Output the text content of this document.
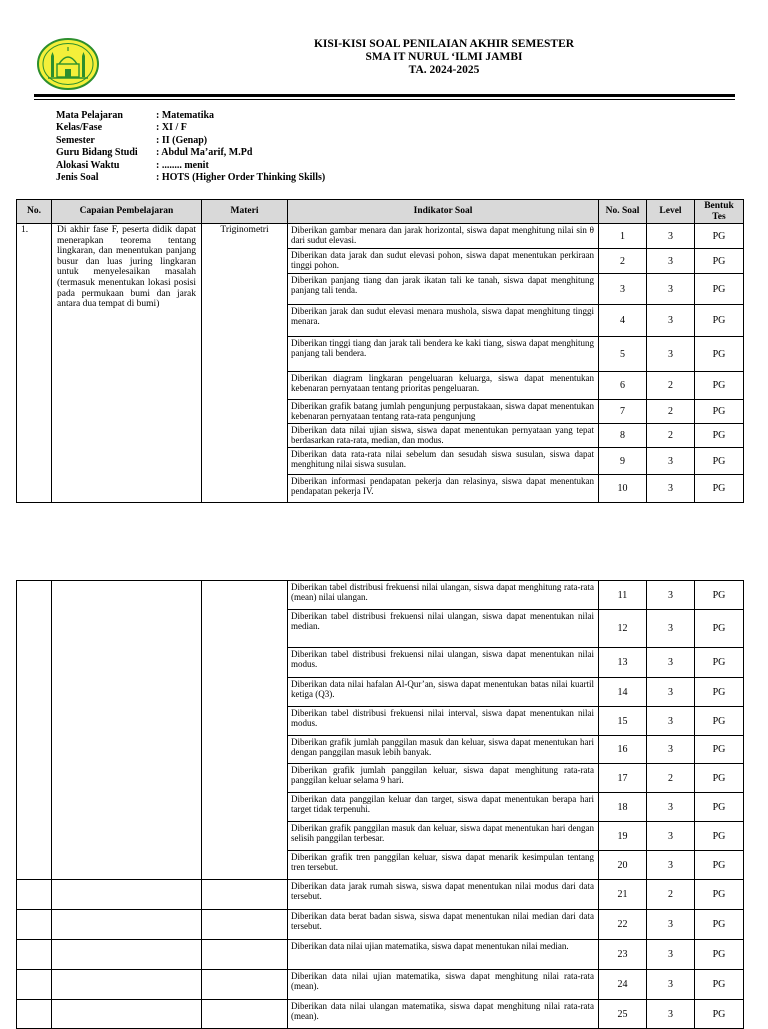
KISI-KISI SOAL PENILAIAN AKHIR SEMESTER
SMA IT NURUL ‘ILMI JAMBI
TA. 2024-2025
Mata Pelajaran	: Matematika
Kelas/Fase	: XI / F
Semester	: II (Genap)
Guru Bidang Studi	: Abdul Ma’arif, M.Pd
Alokasi Waktu	: ........ menit
Jenis Soal	: HOTS (Higher Order Thinking Skills)
No.	Capaian Pembelajaran	Materi	Indikator Soal	No. Soal	Level	Bentuk Tes
1.	Di akhir fase F, peserta didik dapat menerapkan teorema tentang lingkaran, dan menentukan panjang busur dan luas juring lingkaran untuk menyelesaikan masalah (termasuk menentukan lokasi posisi pada permukaan bumi dan jarak antara dua tempat di bumi)	Triginometri	Diberikan gambar menara dan jarak horizontal, siswa dapat menghitung nilai sin θ dari sudut elevasi.	1	3	PG
			Diberikan data jarak dan sudut elevasi pohon, siswa dapat menentukan perkiraan tinggi pohon.	2	3	PG
			Diberikan panjang tiang dan jarak ikatan tali ke tanah, siswa dapat menghitung panjang tali tenda.	3	3	PG
			Diberikan jarak dan sudut elevasi menara mushola, siswa dapat menghitung tinggi menara.	4	3	PG
			Diberikan tinggi tiang dan jarak tali bendera ke kaki tiang, siswa dapat menghitung panjang tali bendera.	5	3	PG
			Diberikan diagram lingkaran pengeluaran keluarga, siswa dapat menentukan kebenaran pernyataan tentang prioritas pengeluaran.	6	2	PG
			Diberikan grafik batang jumlah pengunjung perpustakaan, siswa dapat menentukan kebenaran pernyataan tentang rata-rata pengunjung	7	2	PG
			Diberikan data nilai ujian siswa, siswa dapat menentukan pernyataan yang tepat berdasarkan rata-rata, median, dan modus.	8	2	PG
			Diberikan data rata-rata nilai sebelum dan sesudah siswa susulan, siswa dapat menghitung nilai siswa susulan.	9	3	PG
			Diberikan informasi pendapatan pekerja dan relasinya, siswa dapat menentukan pendapatan pekerja IV.	10	3	PG
			Diberikan tabel distribusi frekuensi nilai ulangan, siswa dapat menghitung rata-rata (mean) nilai ulangan.	11	3	PG
			Diberikan tabel distribusi frekuensi nilai ulangan, siswa dapat menentukan nilai median.	12	3	PG
			Diberikan tabel distribusi frekuensi nilai ulangan, siswa dapat menentukan nilai modus.	13	3	PG
			Diberikan data nilai hafalan Al-Qur’an, siswa dapat menentukan batas nilai kuartil ketiga (Q3).	14	3	PG
			Diberikan tabel distribusi frekuensi nilai interval, siswa dapat menentukan nilai modus.	15	3	PG
			Diberikan grafik jumlah panggilan masuk dan keluar, siswa dapat menentukan hari dengan panggilan masuk lebih banyak.	16	3	PG
			Diberikan grafik jumlah panggilan keluar, siswa dapat menghitung rata-rata panggilan keluar selama 9 hari.	17	2	PG
			Diberikan data panggilan keluar dan target, siswa dapat menentukan berapa hari target tidak terpenuhi.	18	3	PG
			Diberikan grafik panggilan masuk dan keluar, siswa dapat menentukan hari dengan selisih panggilan terbesar.	19	3	PG
			Diberikan grafik tren panggilan keluar, siswa dapat menarik kesimpulan tentang tren tersebut.	20	3	PG
			Diberikan data jarak rumah siswa, siswa dapat menentukan nilai modus dari data tersebut.	21	2	PG
			Diberikan data berat badan siswa, siswa dapat menentukan nilai median dari data tersebut.	22	3	PG
			Diberikan data nilai ujian matematika, siswa dapat menentukan nilai median.	23	3	PG
			Diberikan data nilai ujian matematika, siswa dapat menghitung nilai rata-rata (mean).	24	3	PG
			Diberikan data nilai ulangan matematika, siswa dapat menghitung nilai rata-rata (mean).	25	3	PG
